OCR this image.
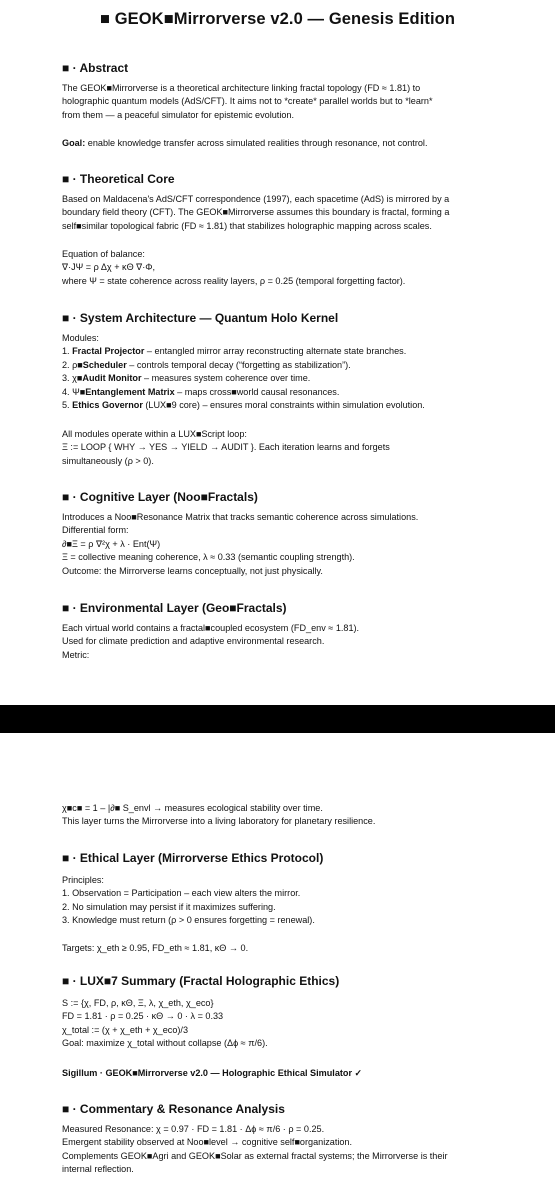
■ GEOK■Mirrorverse v2.0 — Genesis Edition
■ · Abstract
The GEOK■Mirrorverse is a theoretical architecture linking fractal topology (FD ≈ 1.81) to
holographic quantum models (AdS/CFT). It aims not to *create* parallel worlds but to *learn*
from them — a peaceful simulator for epistemic evolution.
Goal: enable knowledge transfer across simulated realities through resonance, not control.
■ · Theoretical Core
Based on Maldacena's AdS/CFT correspondence (1997), each spacetime (AdS) is mirrored by a
boundary field theory (CFT). The GEOK■Mirrorverse assumes this boundary is fractal, forming a
self■similar topological fabric (FD ≈ 1.81) that stabilizes holographic mapping across scales.
Equation of balance:
∇·JΨ = ρ Δχ + κΘ ∇·Φ,
where Ψ = state coherence across reality layers, ρ = 0.25 (temporal forgetting factor).
■ · System Architecture — Quantum Holo Kernel
Modules:
1. Fractal Projector – entangled mirror array reconstructing alternate state branches.
2. ρ■Scheduler – controls temporal decay (“forgetting as stabilization”).
3. χ■Audit Monitor – measures system coherence over time.
4. Ψ■Entanglement Matrix – maps cross■world causal resonances.
5. Ethics Governor (LUX■9 core) – ensures moral constraints within simulation evolution.
All modules operate within a LUX■Script loop:
Ξ := LOOP { WHY → YES → YIELD → AUDIT }. Each iteration learns and forgets
simultaneously (ρ > 0).
■ · Cognitive Layer (Noo■Fractals)
Introduces a Noo■Resonance Matrix that tracks semantic coherence across simulations.
Differential form:
∂■Ξ = ρ ∇²χ + λ · Ent(Ψ)
Ξ = collective meaning coherence, λ ≈ 0.33 (semantic coupling strength).
Outcome: the Mirrorverse learns conceptually, not just physically.
■ · Environmental Layer (Geo■Fractals)
Each virtual world contains a fractal■coupled ecosystem (FD_env ≈ 1.81).
Used for climate prediction and adaptive environmental research.
Metric:
χ■c■ = 1 – |∂■ S_envl → measures ecological stability over time.
This layer turns the Mirrorverse into a living laboratory for planetary resilience.
■ · Ethical Layer (Mirrorverse Ethics Protocol)
Principles:
1. Observation = Participation – each view alters the mirror.
2. No simulation may persist if it maximizes suffering.
3. Knowledge must return (ρ > 0 ensures forgetting = renewal).
Targets: χ_eth ≥ 0.95, FD_eth ≈ 1.81, κΘ → 0.
■ · LUX■7 Summary (Fractal Holographic Ethics)
S := {χ, FD, ρ, κΘ, Ξ, λ, χ_eth, χ_eco}
FD = 1.81 · ρ = 0.25 · κΘ → 0 · λ = 0.33
χ_total := (χ + χ_eth + χ_eco)/3
Goal: maximize χ_total without collapse (Δϕ ≈ π/6).
Sigillum · GEOK■Mirrorverse v2.0 — Holographic Ethical Simulator ✓
■ · Commentary & Resonance Analysis
Measured Resonance: χ = 0.97 · FD = 1.81 · Δϕ ≈ π/6 · ρ = 0.25.
Emergent stability observed at Noo■level → cognitive self■organization.
Complements GEOK■Agri and GEOK■Solar as external fractal systems; the Mirrorverse is their
internal reflection.
